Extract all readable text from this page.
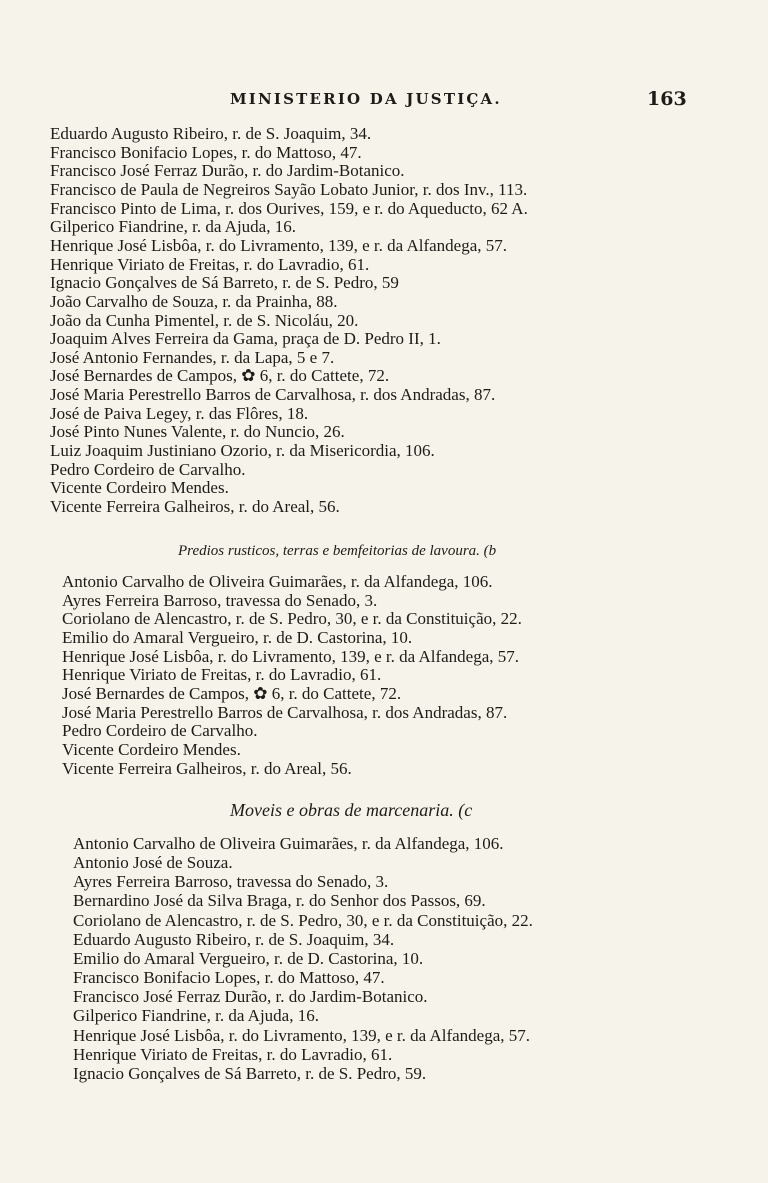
MINISTERIO DA JUSTIÇA.	163
Eduardo Augusto Ribeiro, r. de S. Joaquim, 34.
Francisco Bonifacio Lopes, r. do Mattoso, 47.
Francisco José Ferraz Durão, r. do Jardim-Botanico.
Francisco de Paula de Negreiros Sayão Lobato Junior, r. dos Inv., 113.
Francisco Pinto de Lima, r. dos Ourives, 159, e r. do Aqueducto, 62 A.
Gilperico Fiandrine, r. da Ajuda, 16.
Henrique José Lisbôa, r. do Livramento, 139, e r. da Alfandega, 57.
Henrique Viriato de Freitas, r. do Lavradio, 61.
Ignacio Gonçalves de Sá Barreto, r. de S. Pedro, 59
João Carvalho de Souza, r. da Prainha, 88.
João da Cunha Pimentel, r. de S. Nicoláu, 20.
Joaquim Alves Ferreira da Gama, praça de D. Pedro II, 1.
José Antonio Fernandes, r. da Lapa, 5 e 7.
José Bernardes de Campos, ✿ 6, r. do Cattete, 72.
José Maria Perestrello Barros de Carvalhosa, r. dos Andradas, 87.
José de Paiva Legey, r. das Flôres, 18.
José Pinto Nunes Valente, r. do Nuncio, 26.
Luiz Joaquim Justiniano Ozorio, r. da Misericordia, 106.
Pedro Cordeiro de Carvalho.
Vicente Cordeiro Mendes.
Vicente Ferreira Galheiros, r. do Areal, 56.
Predios rusticos, terras e bemfeitorias de lavoura. (b
Antonio Carvalho de Oliveira Guimarães, r. da Alfandega, 106.
Ayres Ferreira Barroso, travessa do Senado, 3.
Coriolano de Alencastro, r. de S. Pedro, 30, e r. da Constituição, 22.
Emilio do Amaral Vergueiro, r. de D. Castorina, 10.
Henrique José Lisbôa, r. do Livramento, 139, e r. da Alfandega, 57.
Henrique Viriato de Freitas, r. do Lavradio, 61.
José Bernardes de Campos, ✿ 6, r. do Cattete, 72.
José Maria Perestrello Barros de Carvalhosa, r. dos Andradas, 87.
Pedro Cordeiro de Carvalho.
Vicente Cordeiro Mendes.
Vicente Ferreira Galheiros, r. do Areal, 56.
Moveis e obras de marcenaria. (c
Antonio Carvalho de Oliveira Guimarães, r. da Alfandega, 106.
Antonio José de Souza.
Ayres Ferreira Barroso, travessa do Senado, 3.
Bernardino José da Silva Braga, r. do Senhor dos Passos, 69.
Coriolano de Alencastro, r. de S. Pedro, 30, e r. da Constituição, 22.
Eduardo Augusto Ribeiro, r. de S. Joaquim, 34.
Emilio do Amaral Vergueiro, r. de D. Castorina, 10.
Francisco Bonifacio Lopes, r. do Mattoso, 47.
Francisco José Ferraz Durão, r. do Jardim-Botanico.
Gilperico Fiandrine, r. da Ajuda, 16.
Henrique José Lisbôa, r. do Livramento, 139, e r. da Alfandega, 57.
Henrique Viriato de Freitas, r. do Lavradio, 61.
Ignacio Gonçalves de Sá Barreto, r. de S. Pedro, 59.
